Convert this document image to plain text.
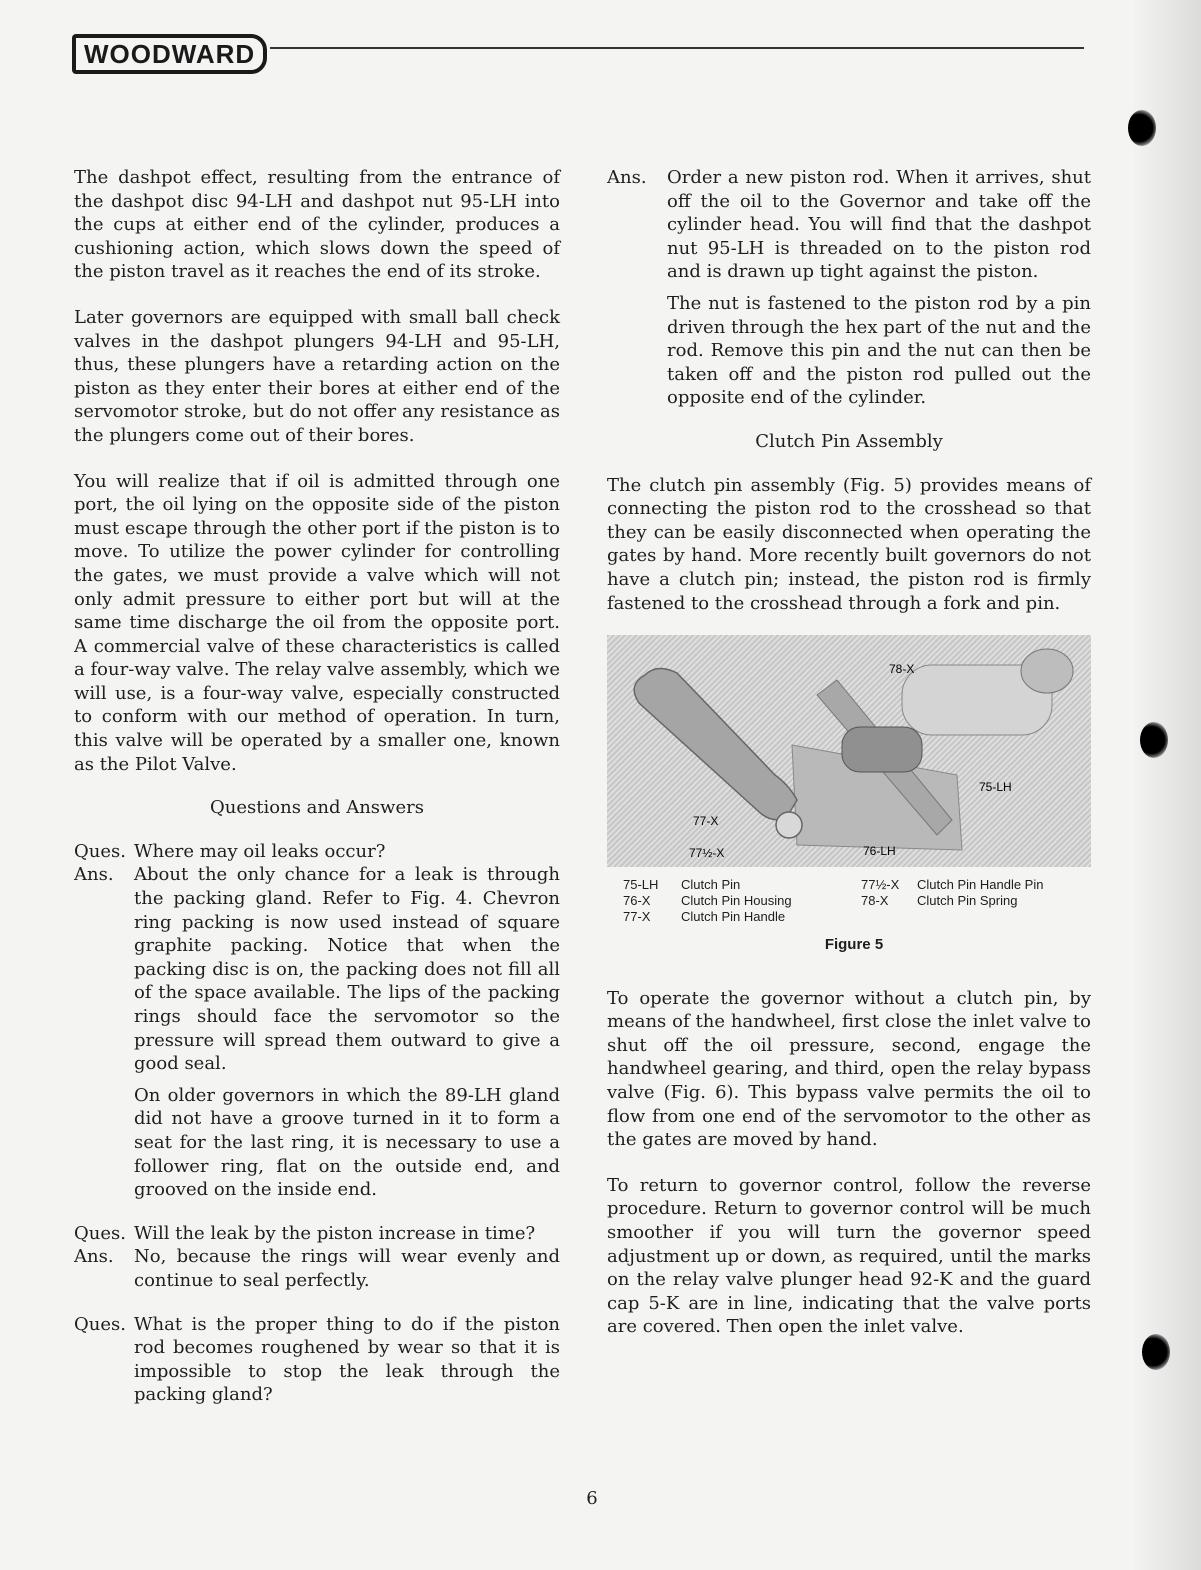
WOODWARD

The dashpot effect, resulting from the entrance of the dashpot disc 94-LH and dashpot nut 95-LH into the cups at either end of the cylinder, produces a cushioning action, which slows down the speed of the piston travel as it reaches the end of its stroke.

Later governors are equipped with small ball check valves in the dashpot plungers 94-LH and 95-LH, thus, these plungers have a retarding action on the piston as they enter their bores at either end of the servomotor stroke, but do not offer any resistance as the plungers come out of their bores.

You will realize that if oil is admitted through one port, the oil lying on the opposite side of the piston must escape through the other port if the piston is to move. To utilize the power cylinder for controlling the gates, we must provide a valve which will not only admit pressure to either port but will at the same time discharge the oil from the opposite port. A commercial valve of these characteristics is called a four-way valve. The relay valve assembly, which we will use, is a four-way valve, especially constructed to conform with our method of operation. In turn, this valve will be operated by a smaller one, known as the Pilot Valve.

Questions and Answers

Ques. Where may oil leaks occur?
Ans.	About the only chance for a leak is through the packing gland. Refer to Fig. 4. Chevron ring packing is now used instead of square graphite packing. Notice that when the packing disc is on, the packing does not fill all of the space available. The lips of the packing rings should face the servomotor so the pressure will spread them outward to give a good seal.

On older governors in which the 89-LH gland did not have a groove turned in it to form a seat for the last ring, it is necessary to use a follower ring, flat on the outside end, and grooved on the inside end.

Ques. Will the leak by the piston increase in time?
Ans.	No, because the rings will wear evenly and continue to seal perfectly.
Ques. What is the proper thing to do if the piston rod becomes roughened by wear so that it is impossible to stop the leak through the packing gland?
Ans.	Order a new piston rod. When it arrives, shut off the oil to the Governor and take off the cylinder head. You will find that the dashpot nut 95-LH is threaded on to the piston rod and is drawn up tight against the piston.

The nut is fastened to the piston rod by a pin driven through the hex part of the nut and the rod. Remove this pin and the nut can then be taken off and the piston rod pulled out the opposite end of the cylinder.

Clutch Pin Assembly

The clutch pin assembly (Fig. 5) provides means of connecting the piston rod to the crosshead so that they can be easily disconnected when operating the gates by hand. More recently built governors do not have a clutch pin; instead, the piston rod is firmly fastened to the crosshead through a fork and pin.

78-X
75-LH
77-X
77½-X	76-LH
75-LH	Clutch Pin	77½-X	Clutch Pin Handle Pin
76-X	Clutch Pin Housing	78-X	Clutch Pin Spring
77-X	Clutch Pin Handle
Figure 5

To operate the governor without a clutch pin, by means of the handwheel, first close the inlet valve to shut off the oil pressure, second, engage the handwheel gearing, and third, open the relay bypass valve (Fig. 6). This bypass valve permits the oil to flow from one end of the servomotor to the other as the gates are moved by hand.

To return to governor control, follow the reverse procedure. Return to governor control will be much smoother if you will turn the governor speed adjustment up or down, as required, until the marks on the relay valve plunger head 92-K and the guard cap 5-K are in line, indicating that the valve ports are covered. Then open the inlet valve.

6
